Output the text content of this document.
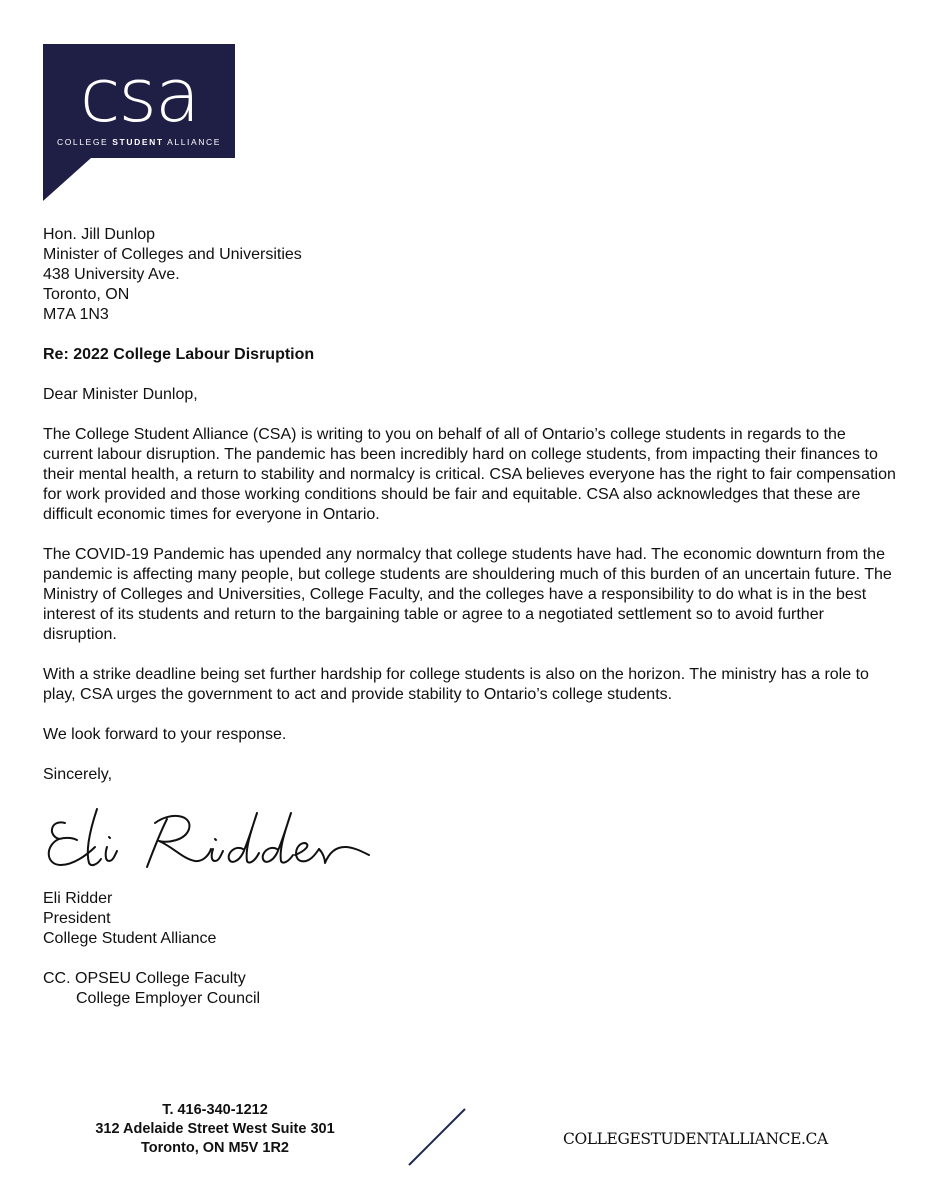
csa
COLLEGE STUDENT ALLIANCE
Hon. Jill Dunlop
Minister of Colleges and Universities
438 University Ave.
Toronto, ON
M7A 1N3
Re: 2022 College Labour Disruption
Dear Minister Dunlop,
The College Student Alliance (CSA) is writing to you on behalf of all of Ontario’s college students in regards to the current labour disruption. The pandemic has been incredibly hard on college students, from impacting their finances to their mental health, a return to stability and normalcy is critical. CSA believes everyone has the right to fair compensation for work provided and those working conditions should be fair and equitable. CSA also acknowledges that these are difficult economic times for everyone in Ontario.
The COVID-19 Pandemic has upended any normalcy that college students have had. The economic downturn from the pandemic is affecting many people, but college students are shouldering much of this burden of an uncertain future. The Ministry of Colleges and Universities, College Faculty, and the colleges have a responsibility to do what is in the best interest of its students and return to the bargaining table or agree to a negotiated settlement so to avoid further disruption.
With a strike deadline being set further hardship for college students is also on the horizon. The ministry has a role to play, CSA urges the government to act and provide stability to Ontario’s college students.
We look forward to your response.
Sincerely,
Eli Ridder
President
College Student Alliance
CC. OPSEU College Faculty
College Employer Council
T. 416-340-1212
312 Adelaide Street West Suite 301
Toronto, ON M5V 1R2	COLLEGESTUDENTALLIANCE.CA
